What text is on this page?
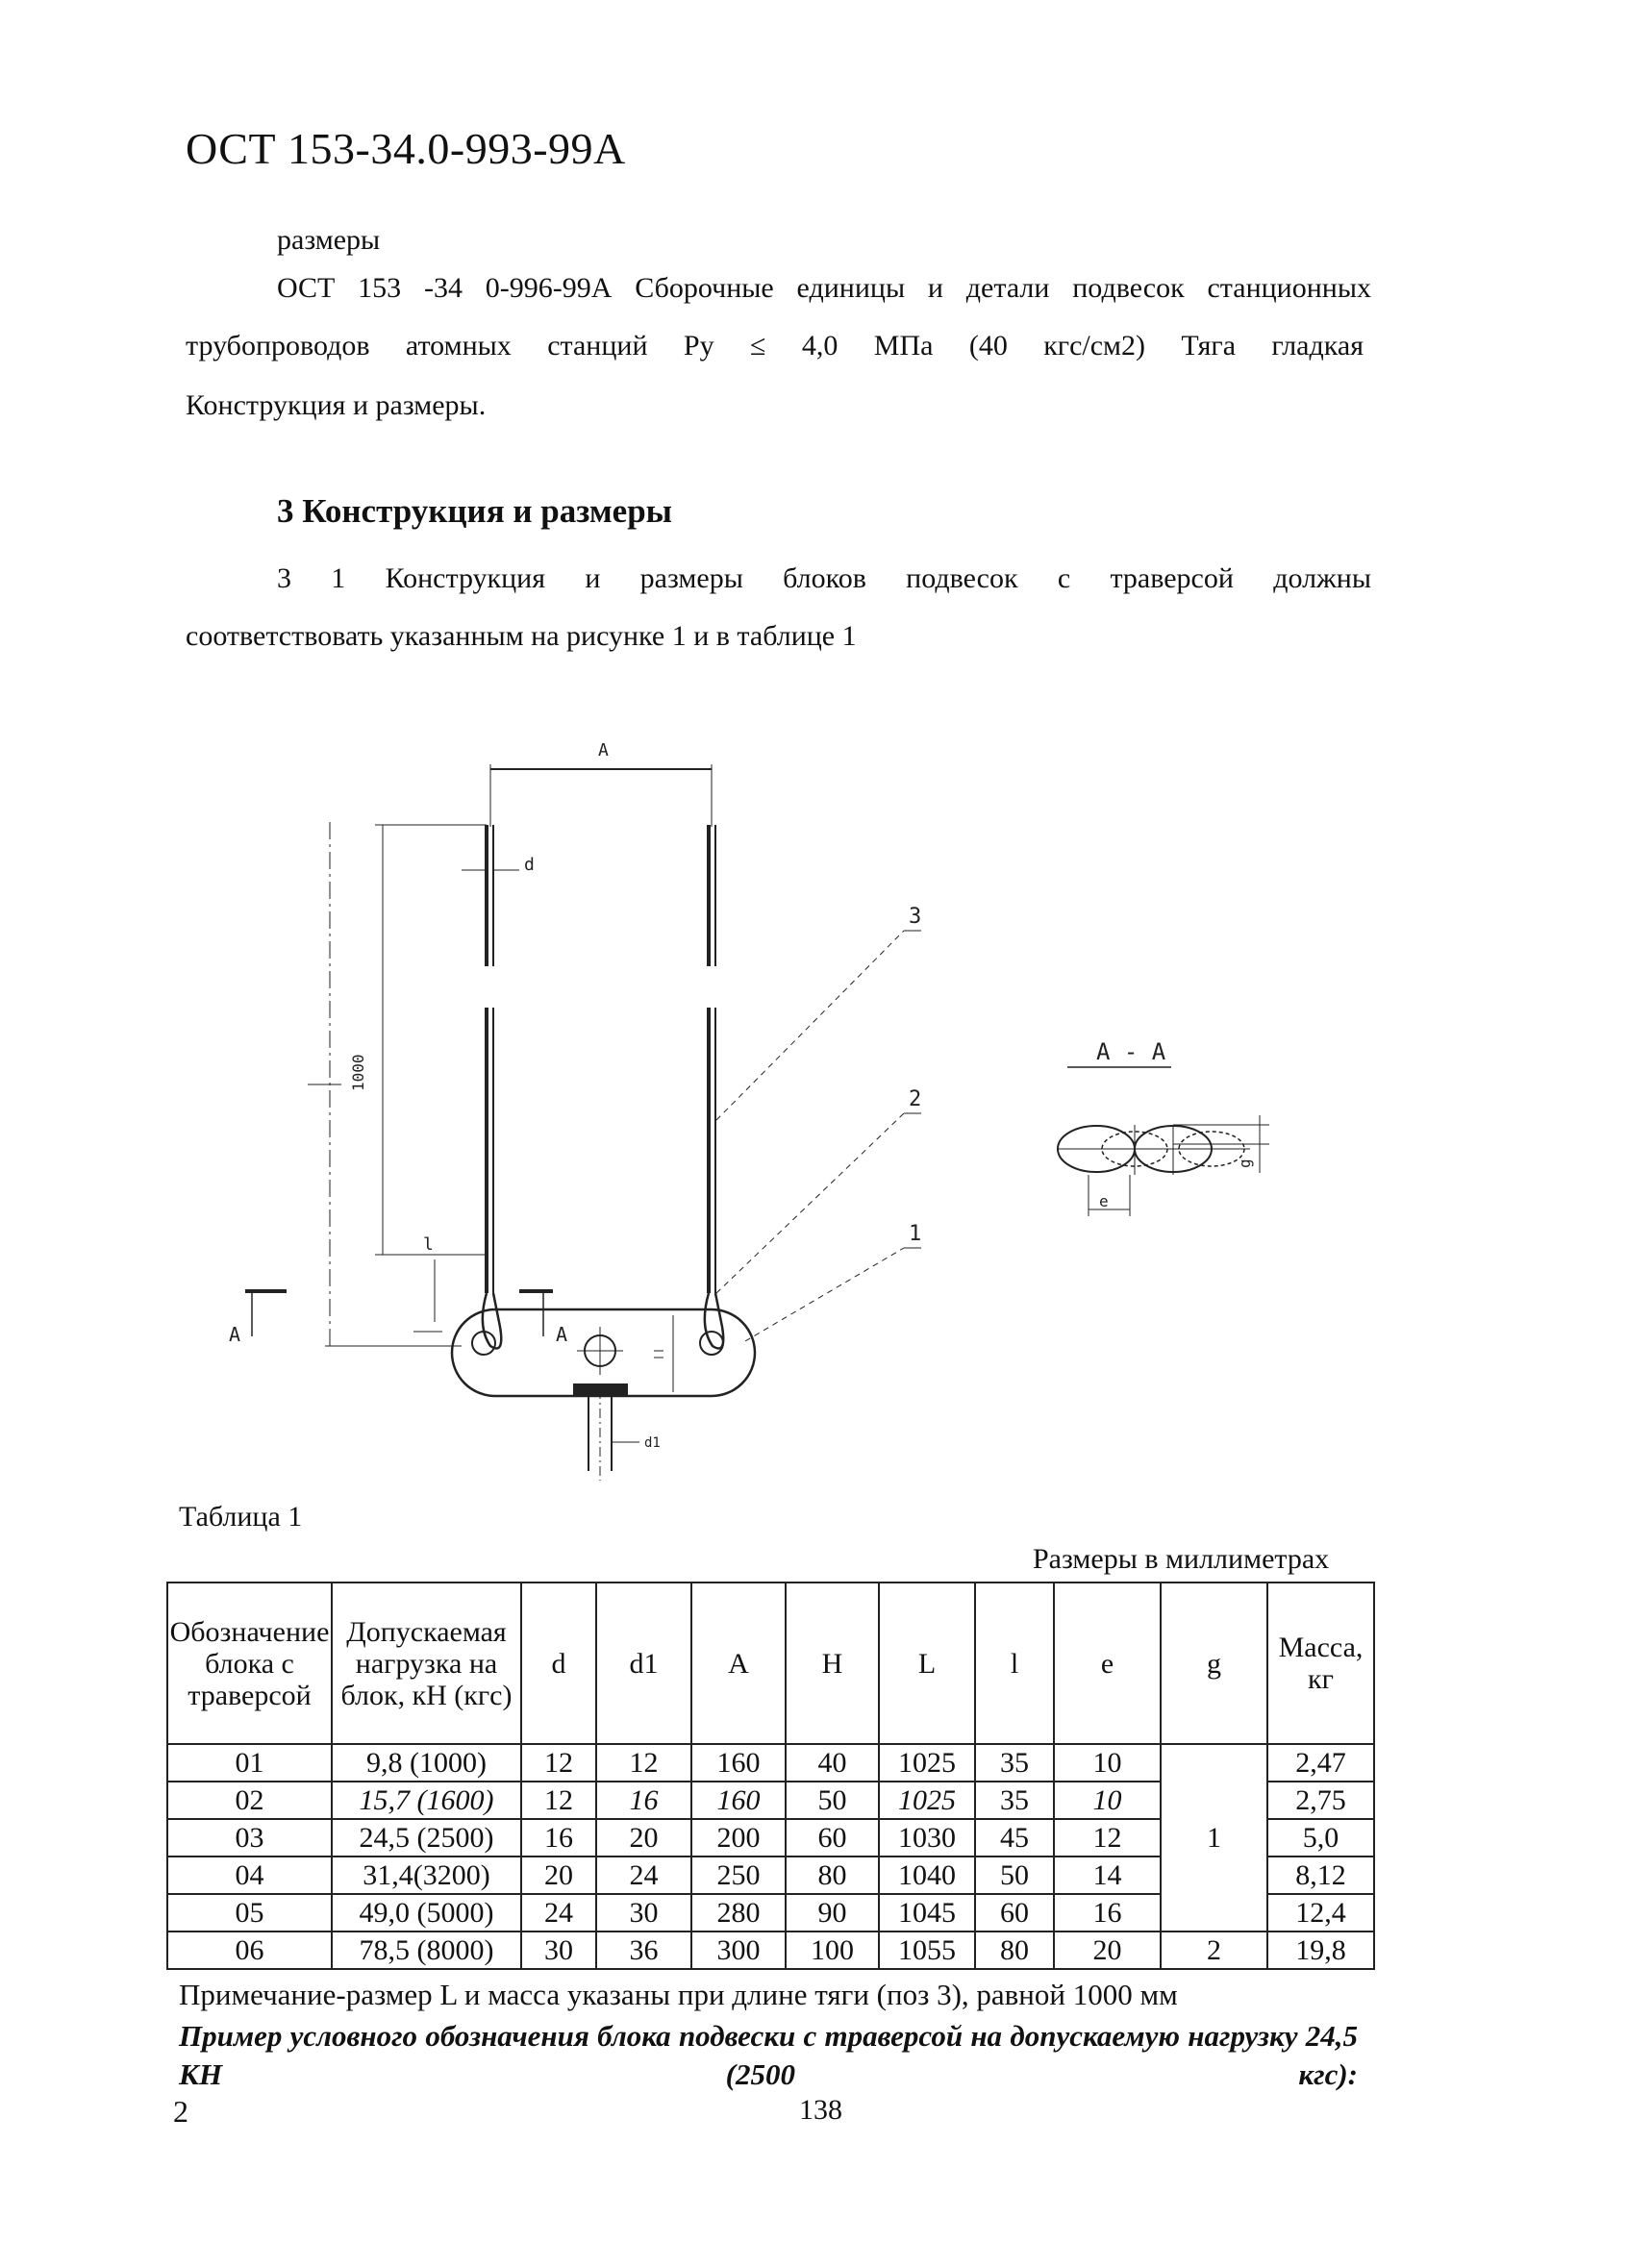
ОСТ 153-34.0-993-99А
размеры
ОСТ 153 -34 0-996-99А Сборочные единицы и детали подвесок станционных
трубопроводов атомных станций Ру ≤ 4,0 МПа (40 кгс/см2) Тяга гладкая
Конструкция и размеры.
3 Конструкция и размеры
3 1 Конструкция и размеры блоков подвесок с траверсой должны
соответствовать указанным на рисунке 1 и в таблице 1
А
d
1000
l
d1
е
g
А - А
А	А
1
2
3
Таблица 1
Размеры в миллиметрах
Обозначение блока с траверсой	Допускаемая нагрузка на блок, кН (кгс)	d	d1	А	Н	L	l	е	g	Масса, кг
01	9,8 (1000)	12	12	160	40	1025	35	10	1	2,47
02	15,7 (1600)	12	16	160	50	1025	35	10		2,75
03	24,5 (2500)	16	20	200	60	1030	45	12		5,0
04	31,4(3200)	20	24	250	80	1040	50	14		8,12
05	49,0 (5000)	24	30	280	90	1045	60	16		12,4
06	78,5 (8000)	30	36	300	100	1055	80	20	2	19,8
Примечание-размер L и масса указаны при длине тяги (поз 3), равной 1000 мм
Пример условного обозначения блока подвески с траверсой на допускаемую нагрузку 24,5 КН (2500 кгс):
2	138
